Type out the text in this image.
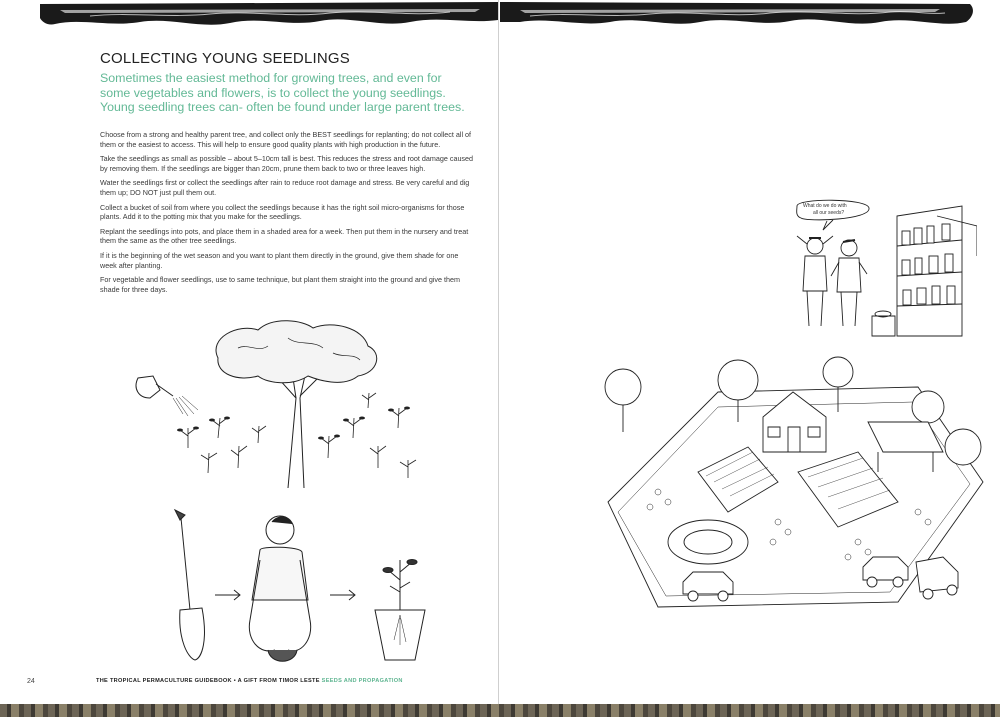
COLLECTING YOUNG SEEDLINGS

Sometimes the easiest method for growing trees, and even for some vegetables and flowers, is to collect the young seedlings. Young seedling trees can- often be found under large parent trees.

Choose from a strong and healthy parent tree, and collect only the BEST seedlings for replanting; do not collect all of them or the easiest to access. This will help to ensure good quality plants with high production in the future.

Take the seedlings as small as possible – about 5–10cm tall is best. This reduces the stress and root damage caused by removing them. If the seedlings are bigger than 20cm, prune them back to two or three leaves high.

Water the seedlings first or collect the seedlings after rain to reduce root damage and stress. Be very careful and dig them up; DO NOT just pull them out.

Collect a bucket of soil from where you collect the seedlings because it has the right soil micro-organisms for those plants. Add it to the potting mix that you make for the seedlings.

Replant the seedlings into pots, and place them in a shaded area for a week. Then put them in the nursery and treat them the same as the other tree seedlings.

If it is the beginning of the wet season and you want to plant them directly in the ground, give them shade for one week after planting.

For vegetable and flower seedlings, use to same technique, but plant them straight into the ground and give them shade for three days.

THE TROPICAL PERMACULTURE GUIDEBOOK • A GIFT FROM TIMOR LESTE SEEDS AND PROPAGATION

24

What do we do with
all our seeds?
